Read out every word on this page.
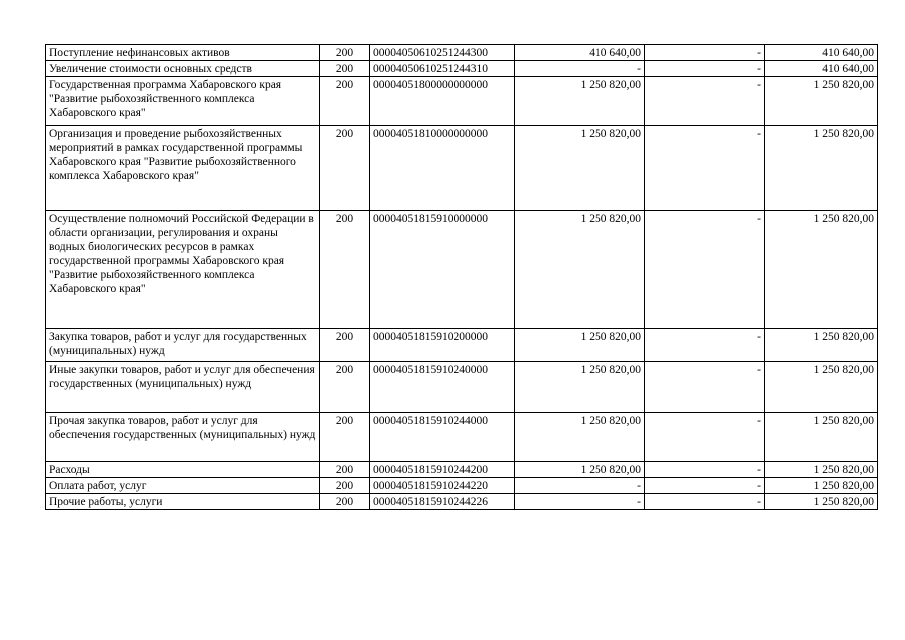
Поступление нефинансовых активов	200	00004050610251244300	410 640,00	-	410 640,00
Увеличение стоимости основных средств	200	00004050610251244310	-	-	410 640,00
Государственная программа Хабаровского края "Развитие рыбохозяйственного комплекса Хабаровского края"	200	00004051800000000000	1 250 820,00	-	1 250 820,00
Организация и проведение рыбохозяйственных мероприятий в рамках государственной программы Хабаровского края "Развитие рыбохозяйственного комплекса Хабаровского края"	200	00004051810000000000	1 250 820,00	-	1 250 820,00
Осуществление полномочий Российской Федерации в области организации, регулирования и охраны водных биологических ресурсов в рамках государственной программы Хабаровского края "Развитие рыбохозяйственного комплекса Хабаровского края"	200	00004051815910000000	1 250 820,00	-	1 250 820,00
Закупка товаров, работ и услуг для государственных (муниципальных) нужд	200	00004051815910200000	1 250 820,00	-	1 250 820,00
Иные закупки товаров, работ и услуг для обеспечения государственных (муниципальных) нужд	200	00004051815910240000	1 250 820,00	-	1 250 820,00
Прочая закупка товаров, работ и услуг для обеспечения государственных (муниципальных) нужд	200	00004051815910244000	1 250 820,00	-	1 250 820,00
Расходы	200	00004051815910244200	1 250 820,00	-	1 250 820,00
Оплата работ, услуг	200	00004051815910244220	-	-	1 250 820,00
Прочие работы, услуги	200	00004051815910244226	-	-	1 250 820,00
